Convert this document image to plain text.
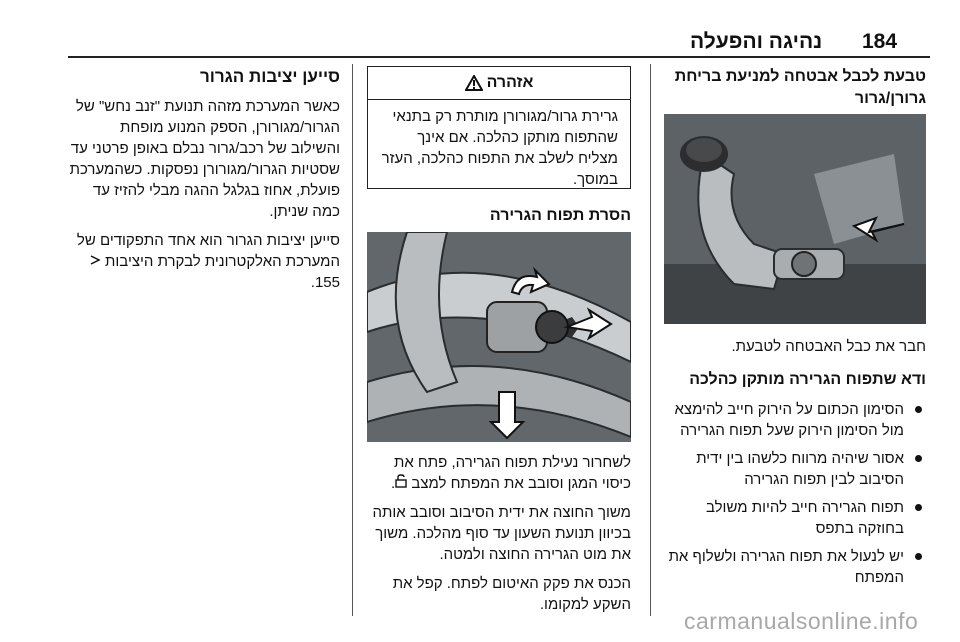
184
נהיגה והפעלה

טבעת לכבל אבטחה למניעת בריחת גרורן/גרור

חבר את כבל האבטחה לטבעת.

ודא שתפוח הגרירה מותקן כהלכה

הסימון הכתום על הירוק חייב להימצא מול הסימון הירוק שעל תפוח הגרירה
אסור שיהיה מרווח כלשהו בין ידית הסיבוב לבין תפוח הגרירה
תפוח הגרירה חייב להיות משולב בחוזקה בתפס
יש לנעול את תפוח הגרירה ולשלוף את המפתח
אזהרה
גרירת גרור/מגורורן מותרת רק בתנאי שהתפוח מותקן כהלכה. אם אינך מצליח לשלב את התפוח כהלכה, העזר במוסך.

הסרת תפוח הגרירה

לשחרור נעילת תפוח הגרירה, פתח את כיסוי המגן וסובב את המפתח למצב .

משוך החוצה את ידית הסיבוב וסובב אותה בכיוון תנועת השעון עד סוף מהלכה. משוך את מוט הגרירה החוצה ולמטה.

הכנס את פקק האיטום לפתח. קפל את השקע למקומו.

סייען יציבות הגרור

כאשר המערכת מזהה תנועת "זנב נחש" של הגרור/מגורורן, הספק המנוע מופחת והשילוב של רכב/גרור נבלם באופן פרטני עד שסטיות הגרור/מגורורן נפסקות. כשהמערכת פועלת, אחוז בגלגל ההגה מבלי להזיז עד כמה שניתן.

סייען יציבות הגרור הוא אחד התפקודים של המערכת האלקטרונית לבקרת היציבות  155.

carmanualsonline.info
